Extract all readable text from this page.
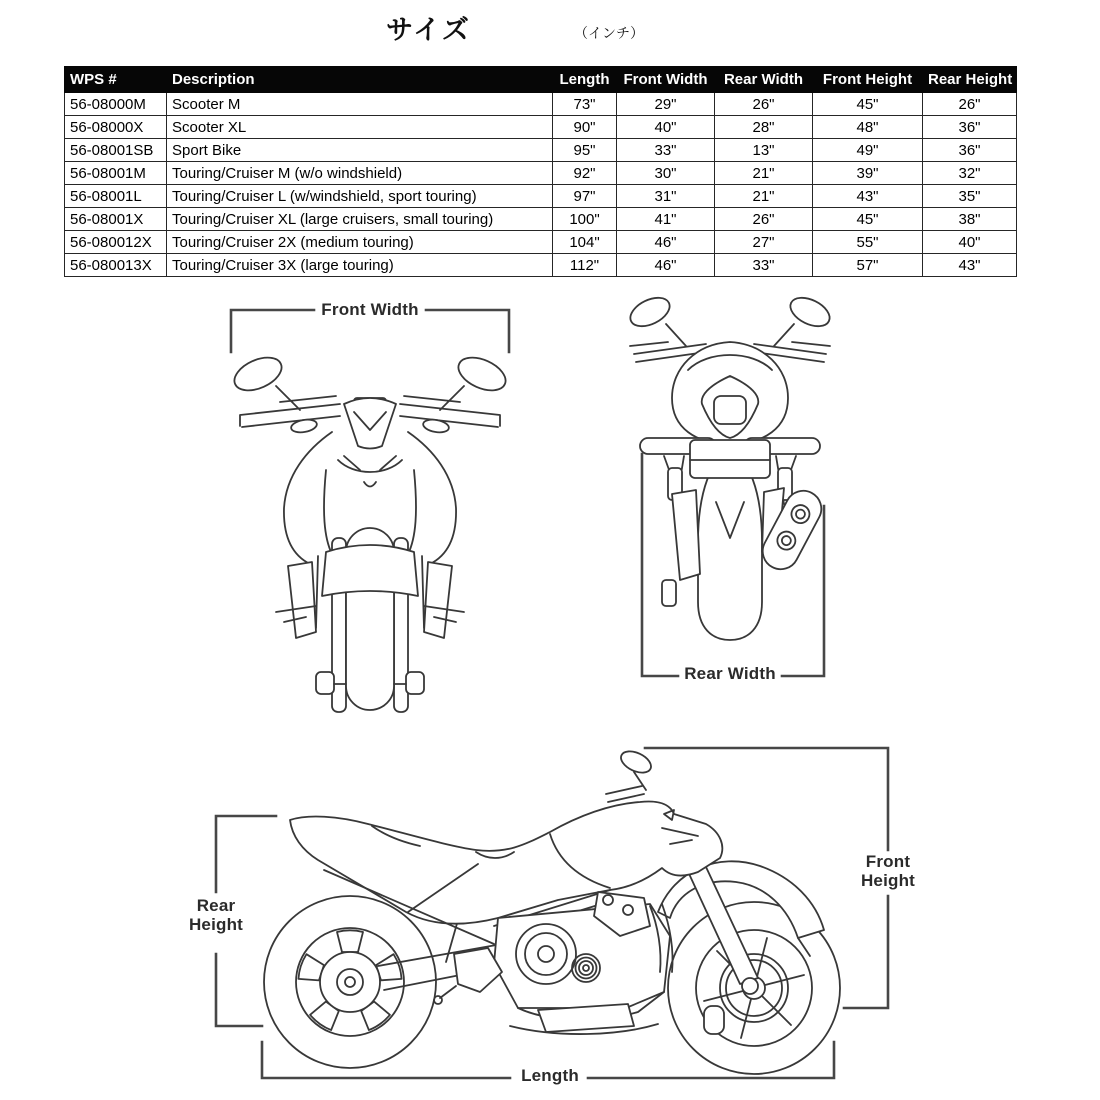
サイズ	（インチ）
WPS #	Description	Length	Front Width	Rear Width	Front Height	Rear Height
56-08000M	Scooter M	73"	29"	26"	45"	26"
56-08000X	Scooter XL	90"	40"	28"	48"	36"
56-08001SB	Sport Bike	95"	33"	13"	49"	36"
56-08001M	Touring/Cruiser M (w/o windshield)	92"	30"	21"	39"	32"
56-08001L	Touring/Cruiser L (w/windshield, sport touring)	97"	31"	21"	43"	35"
56-08001X	Touring/Cruiser XL (large cruisers, small touring)	100"	41"	26"	45"	38"
56-080012X	Touring/Cruiser 2X (medium touring)	104"	46"	27"	55"	40"
56-080013X	Touring/Cruiser 3X (large touring)	112"	46"	33"	57"	43"
Front Width
Rear Width
Rear Height
Front Height
Length
